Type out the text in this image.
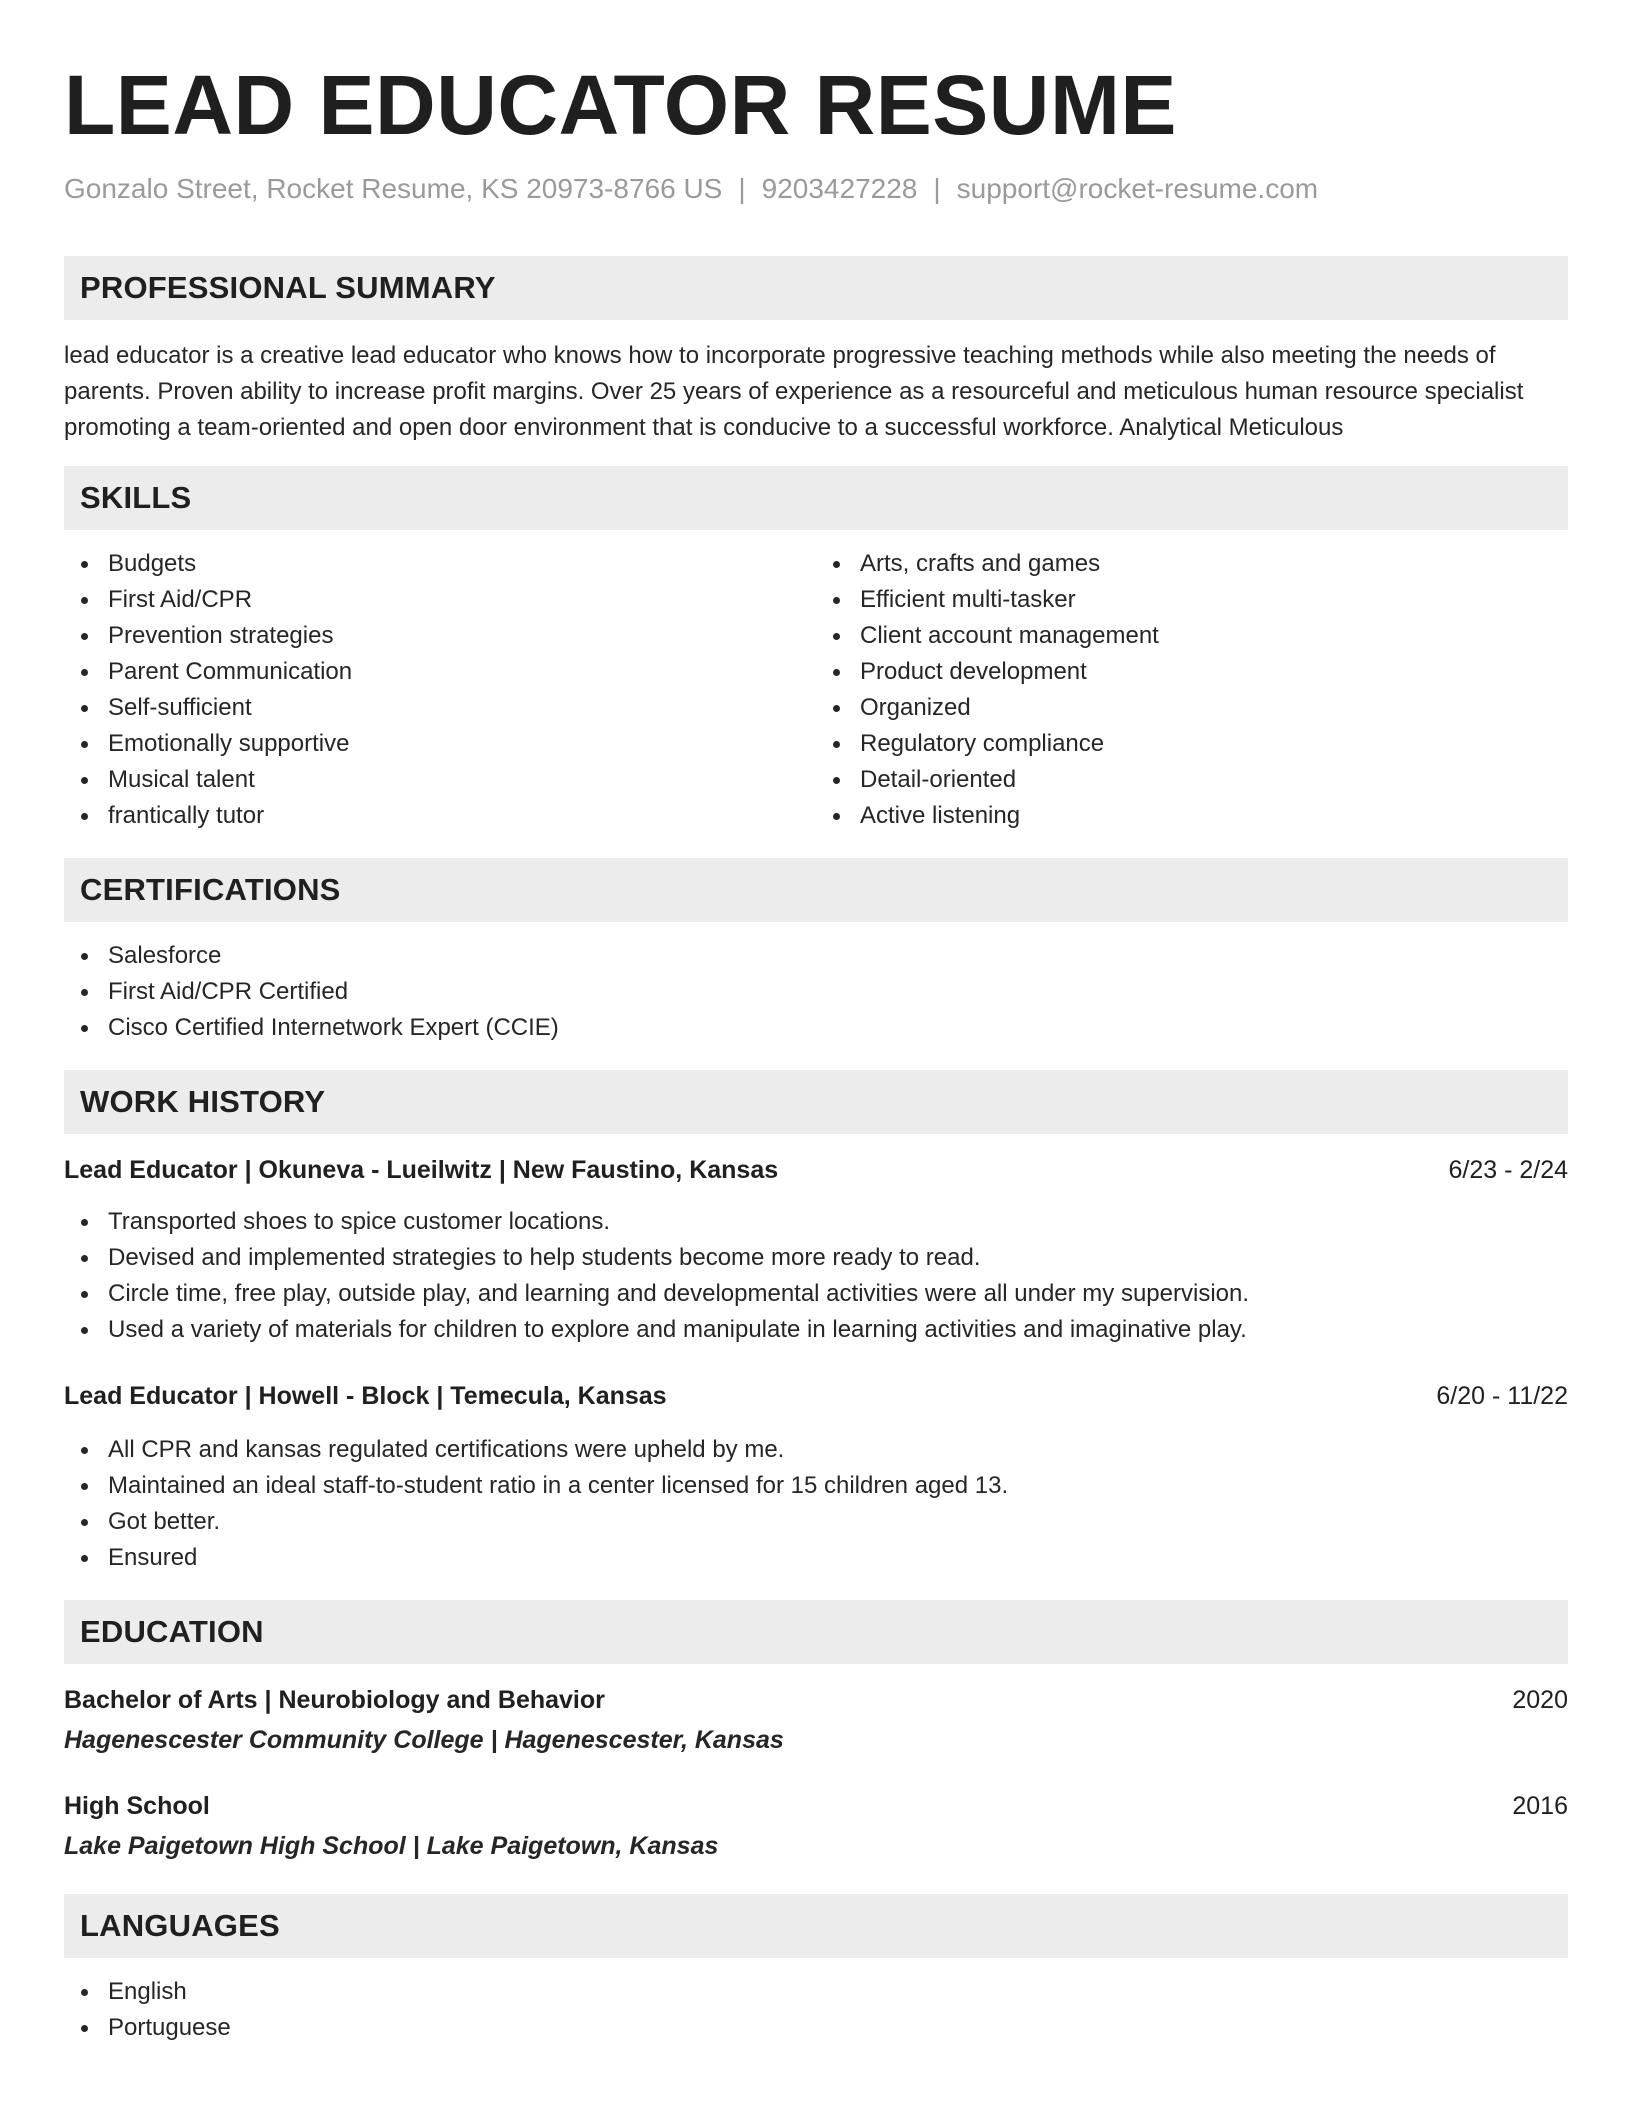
LEAD EDUCATOR RESUME
Gonzalo Street, Rocket Resume, KS 20973-8766 US | 9203427228 | support@rocket-resume.com
PROFESSIONAL SUMMARY

lead educator is a creative lead educator who knows how to incorporate progressive teaching methods while also meeting the needs of parents. Proven ability to increase profit margins. Over 25 years of experience as a resourceful and meticulous human resource specialist promoting a team-oriented and open door environment that is conducive to a successful workforce. Analytical Meticulous

SKILLS
Budgets
First Aid/CPR
Prevention strategies
Parent Communication
Self-sufficient
Emotionally supportive
Musical talent
frantically tutor
Arts, crafts and games
Efficient multi-tasker
Client account management
Product development
Organized
Regulatory compliance
Detail-oriented
Active listening
CERTIFICATIONS
Salesforce
First Aid/CPR Certified
Cisco Certified Internetwork Expert (CCIE)
WORK HISTORY
Lead Educator | Okuneva - Lueilwitz | New Faustino, Kansas	6/23 - 2/24
Transported shoes to spice customer locations.
Devised and implemented strategies to help students become more ready to read.
Circle time, free play, outside play, and learning and developmental activities were all under my supervision.
Used a variety of materials for children to explore and manipulate in learning activities and imaginative play.
Lead Educator | Howell - Block | Temecula, Kansas	6/20 - 11/22
All CPR and kansas regulated certifications were upheld by me.
Maintained an ideal staff-to-student ratio in a center licensed for 15 children aged 13.
Got better.
Ensured
EDUCATION
Bachelor of Arts | Neurobiology and Behavior	2020
Hagenescester Community College | Hagenescester, Kansas
High School	2016
Lake Paigetown High School | Lake Paigetown, Kansas
LANGUAGES
English
Portuguese
